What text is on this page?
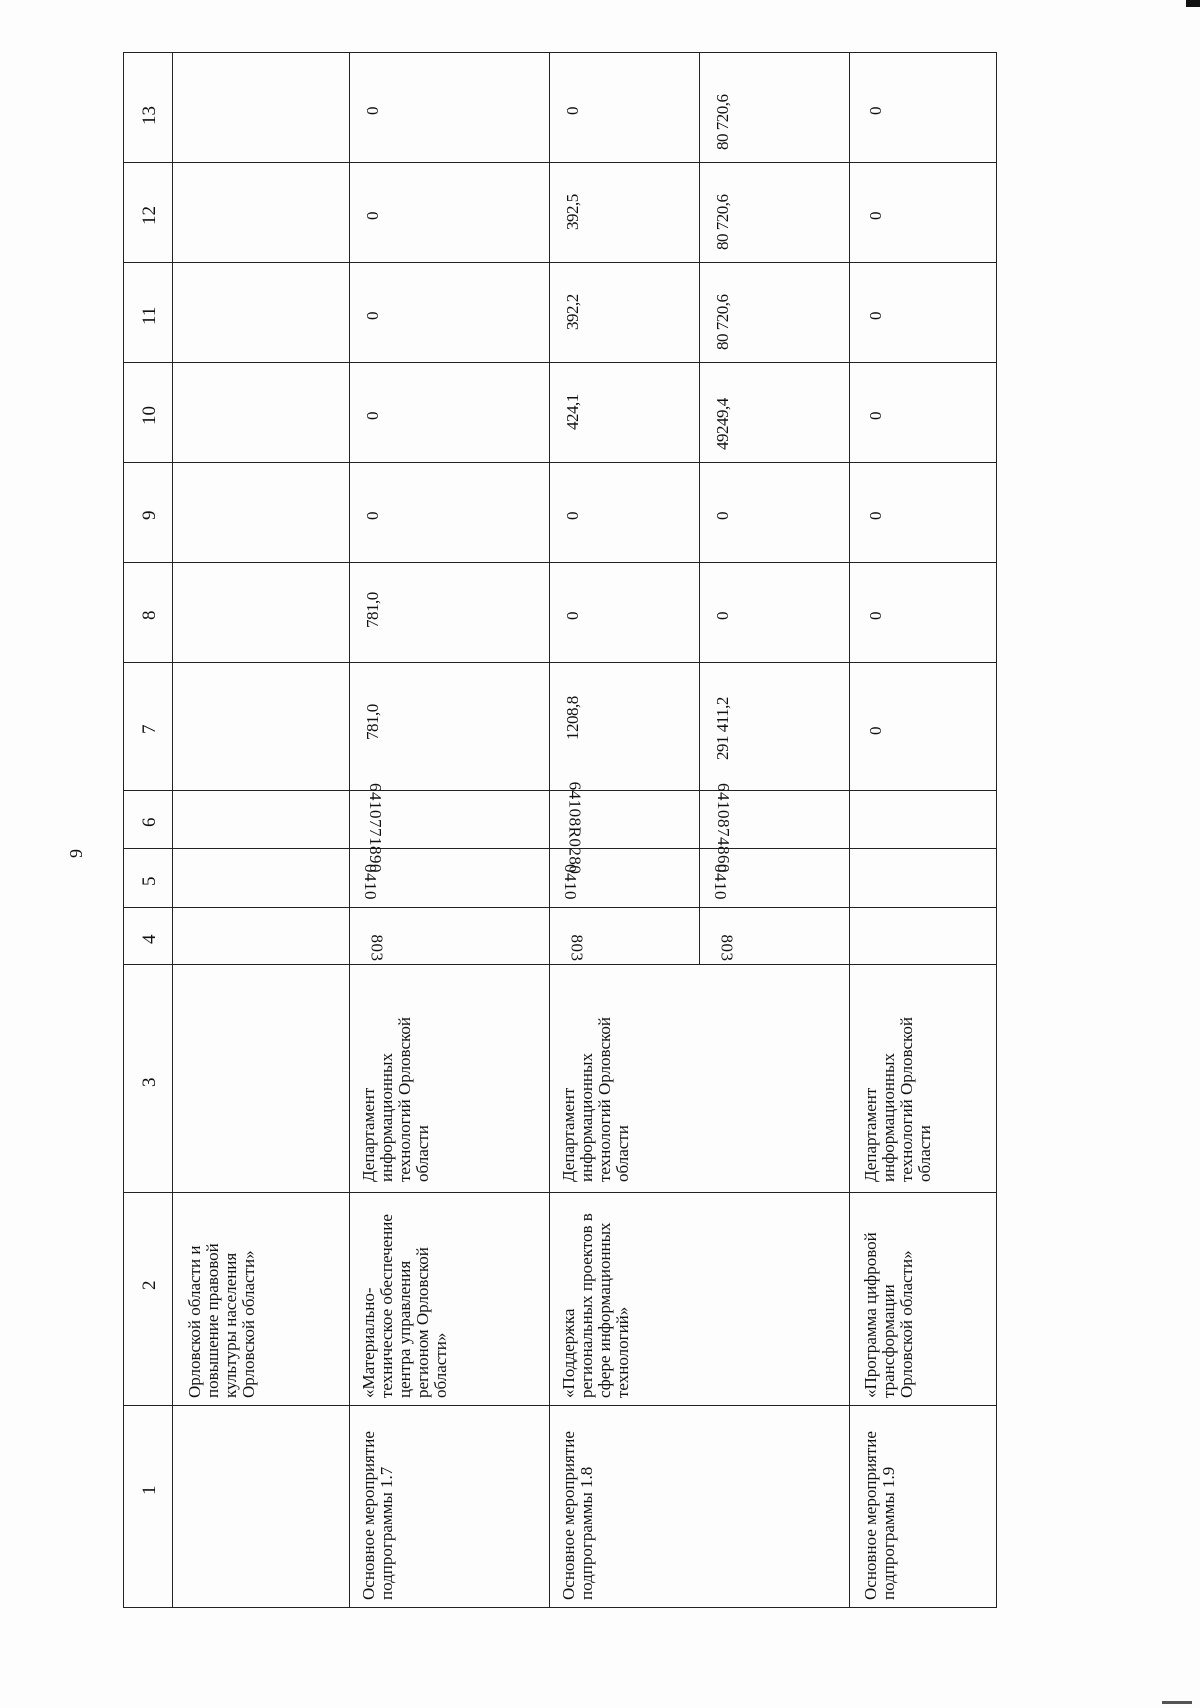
9
1
2
3
4
5
6
7
8
9
10
11
12
13
Орловской области и повышение правовой культуры населения Орловской области»
Основное мероприятие подпрограммы 1.7
«Материально-техническое обеспечение центра управления регионом Орловской области»
Департамент информационных технологий Орловской области
803
0410
6410771890
781,0
781,0
0
0
0
0
0
Основное мероприятие подпрограммы 1.8
«Поддержка региональных проектов в сфере информационных технологий»
Департамент информационных технологий Орловской области
803
0410
64108R0280
1208,8
0
0
424,1
392,2
392,5
0
803
0410
6410874860
291 411,2
0
0
49249,4
80 720,6
80 720,6
80 720,6
Основное мероприятие подпрограммы 1.9
«Программа цифровой трансформации Орловской области»
Департамент информационных технологий Орловской области
0
0
0
0
0
0
0
